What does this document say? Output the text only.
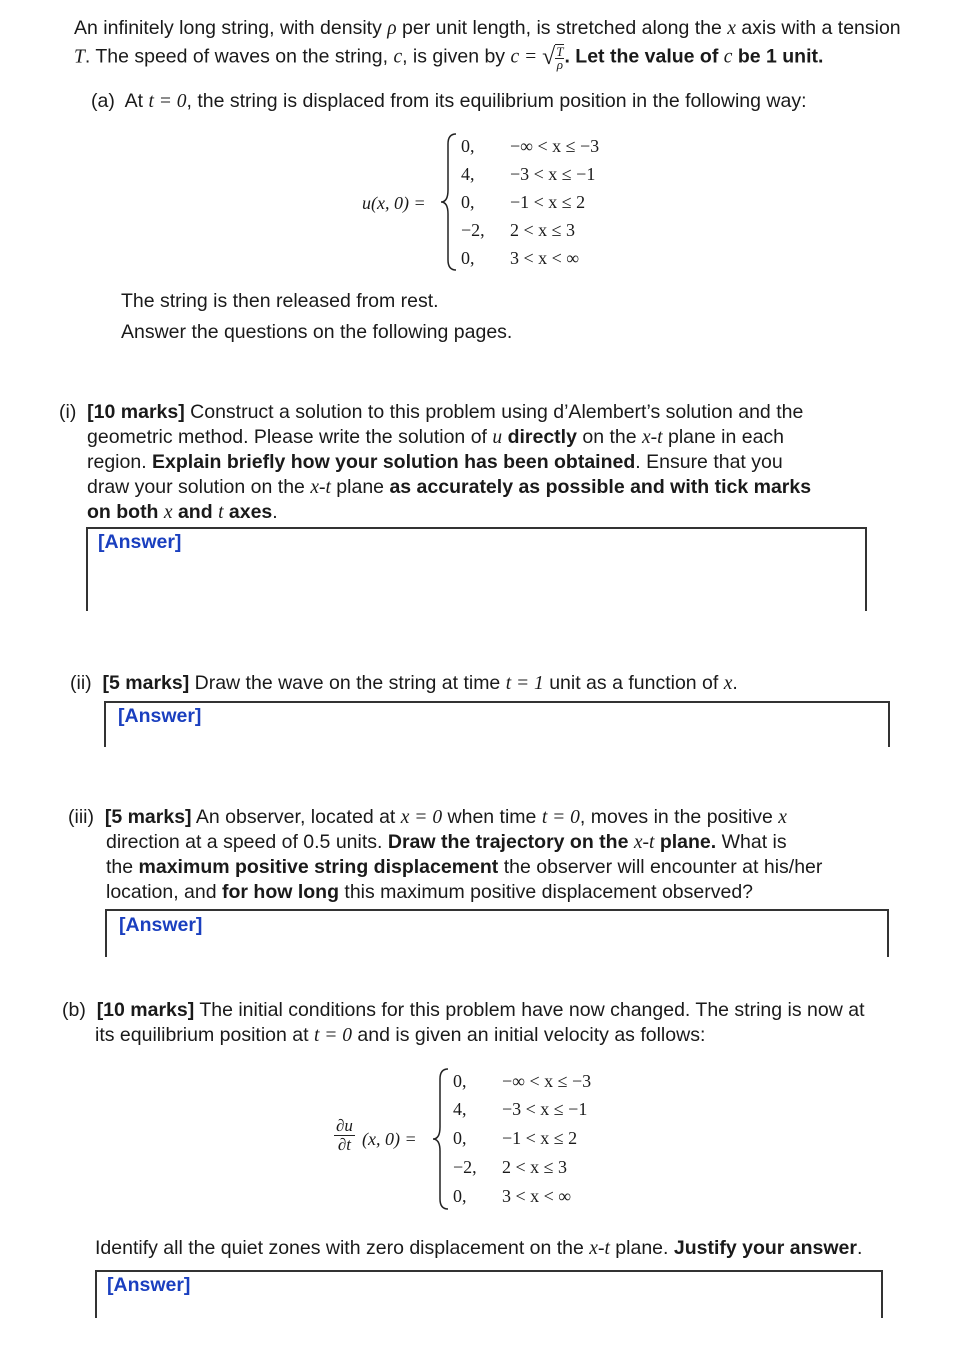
An infinitely long string, with density ρ per unit length, is stretched along the x axis with a tension
T. The speed of waves on the string, c, is given by c = √ $\frac{T}{\rho}$ . Let the value of c be 1 unit.
(a) At t = 0, the string is displaced from its equilibrium position in the following way:
u(x, 0) =
0, −∞ < x ≤ −3
4, −3 < x ≤ −1
0, −1 < x ≤ 2
−2, 2 < x ≤ 3
0, 3 < x < ∞
The string is then released from rest.
Answer the questions on the following pages.
(i) [10 marks] Construct a solution to this problem using d’Alembert’s solution and the
geometric method. Please write the solution of u directly on the x-t plane in each
region. Explain briefly how your solution has been obtained. Ensure that you
draw your solution on the x-t plane as accurately as possible and with tick marks
on both x and t axes.
[Answer]
(ii) [5 marks] Draw the wave on the string at time t = 1 unit as a function of x.
[Answer]
(iii) [5 marks] An observer, located at x = 0 when time t = 0, moves in the positive x
direction at a speed of 0.5 units. Draw the trajectory on the x-t plane. What is
the maximum positive string displacement the observer will encounter at his/her
location, and for how long this maximum positive displacement observed?
[Answer]
(b) [10 marks] The initial conditions for this problem have now changed. The string is now at
its equilibrium position at t = 0 and is given an initial velocity as follows:
∂u
∂t (x, 0) =
0, −∞ < x ≤ −3
4, −3 < x ≤ −1
0, −1 < x ≤ 2
−2, 2 < x ≤ 3
0, 3 < x < ∞
Identify all the quiet zones with zero displacement on the x-t plane. Justify your answer.
[Answer]
